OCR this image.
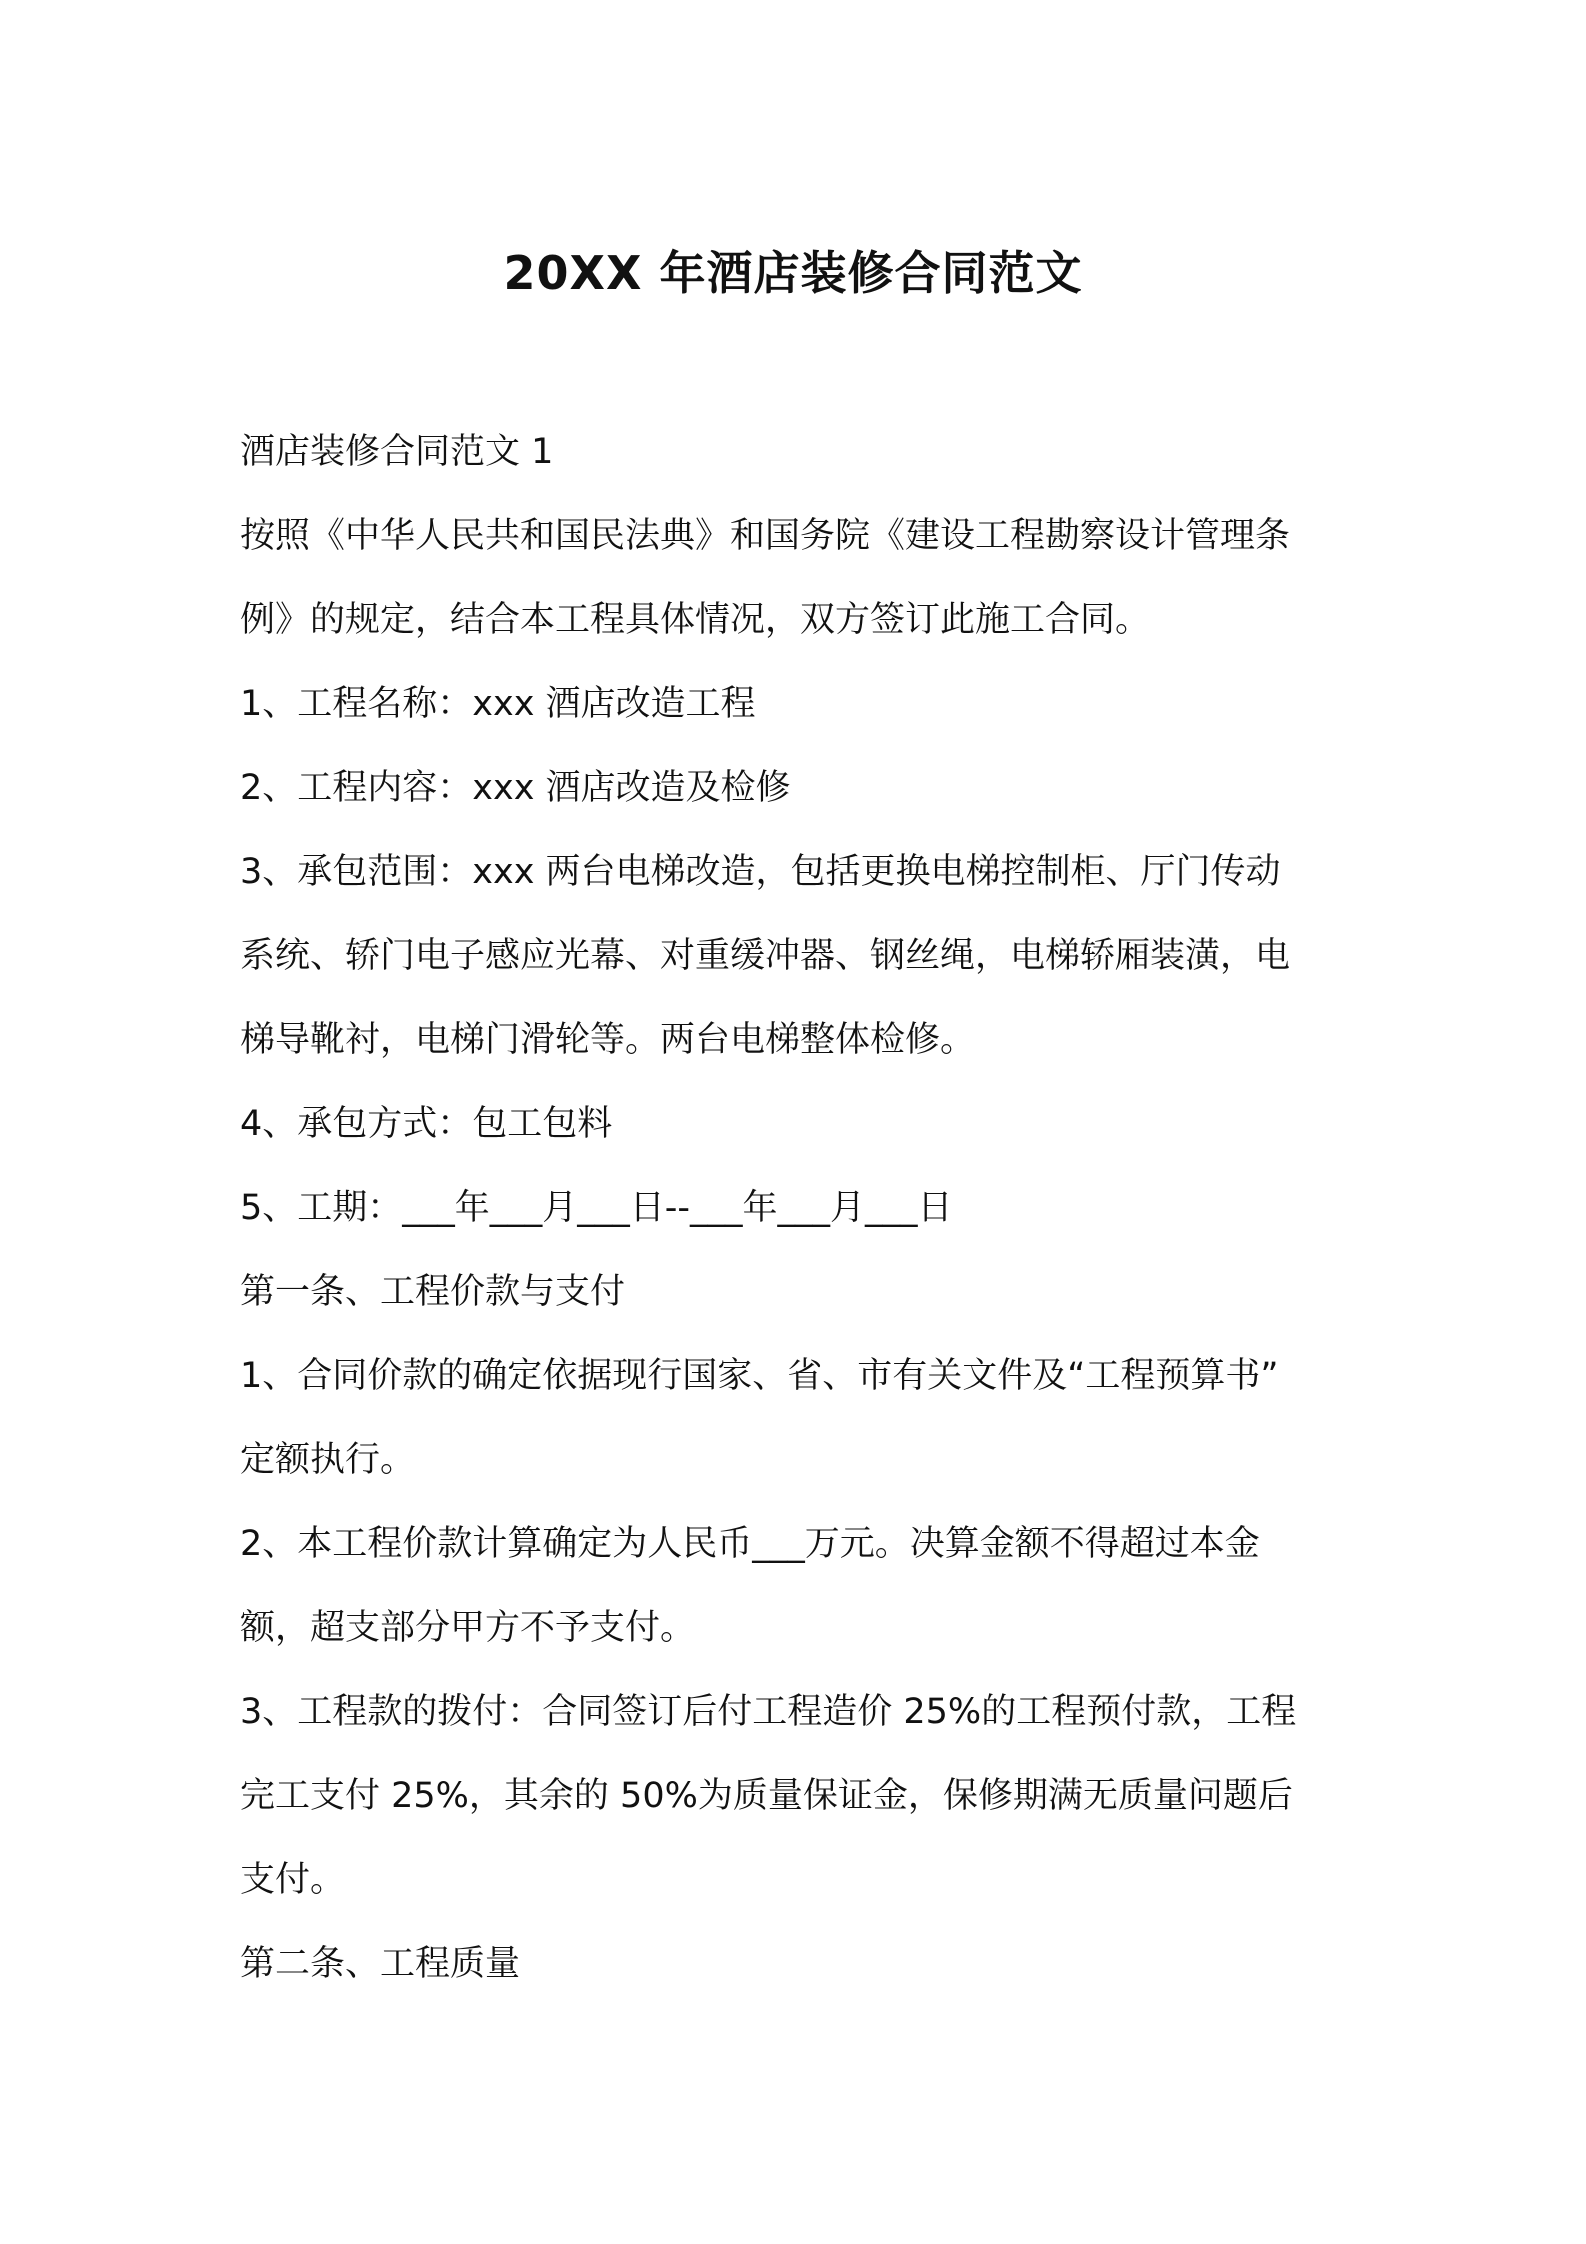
20XX 年酒店装修合同范文

酒店装修合同范文 1

按照《中华人民共和国民法典》和国务院《建设工程勘察设计管理条

例》的规定，结合本工程具体情况，双方签订此施工合同。

1、工程名称：xxx 酒店改造工程

2、工程内容：xxx 酒店改造及检修

3、承包范围：xxx 两台电梯改造，包括更换电梯控制柜、厅门传动

系统、轿门电子感应光幕、对重缓冲器、钢丝绳，电梯轿厢装潢，电

梯导靴衬，电梯门滑轮等。两台电梯整体检修。

4、承包方式：包工包料

5、工期：___年___月___日--___年___月___日

第一条、工程价款与支付

1、合同价款的确定依据现行国家、省、市有关文件及“工程预算书”

定额执行。

2、本工程价款计算确定为人民币___万元。决算金额不得超过本金

额，超支部分甲方不予支付。

3、工程款的拨付：合同签订后付工程造价 25%的工程预付款，工程

完工支付 25%，其余的 50%为质量保证金，保修期满无质量问题后

支付。

第二条、工程质量
